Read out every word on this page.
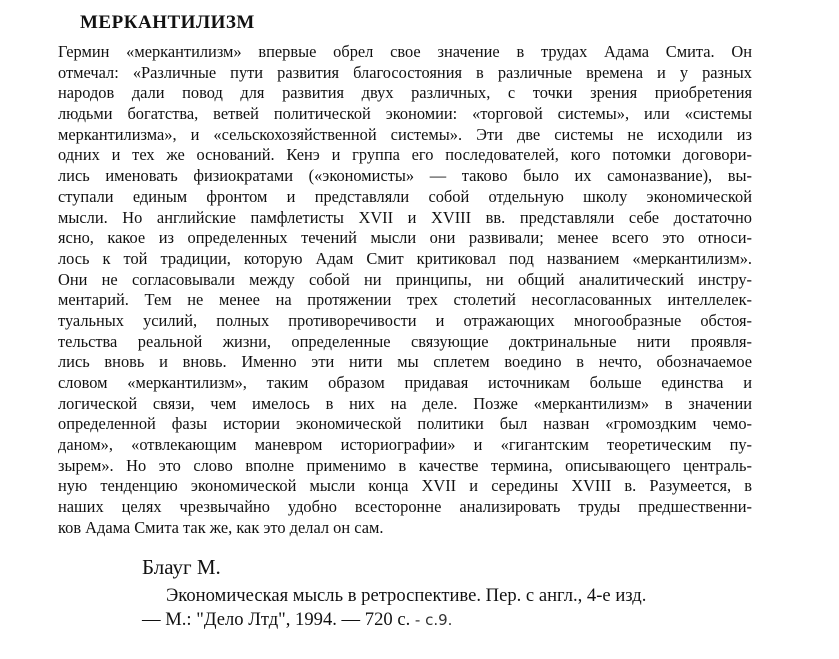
МЕРКАНТИЛИЗМ
Гермин «меркантилизм» впервые обрел свое значение в трудах Адама Смита. Он
отмечал: «Различные пути развития благосостояния в различные времена и у разных
народов дали повод для развития двух различных, с точки зрения приобретения
людьми богатства, ветвей политической экономии: «торговой системы», или «системы
меркантилизма», и «сельскохозяйственной системы». Эти две системы не исходили из
одних и тех же оснований. Кенэ и группа его последователей, кого потомки договори-
лись именовать физиократами («экономисты» — таково было их самоназвание), вы-
ступали единым фронтом и представляли собой отдельную школу экономической
мысли. Но английские памфлетисты XVII и XVIII вв. представляли себе достаточно
ясно, какое из определенных течений мысли они развивали; менее всего это относи-
лось к той традиции, которую Адам Смит критиковал под названием «меркантилизм».
Они не согласовывали между собой ни принципы, ни общий аналитический инстру-
ментарий. Тем не менее на протяжении трех столетий несогласованных интеллелек-
туальных усилий, полных противоречивости и отражающих многообразные обстоя-
тельства реальной жизни, определенные связующие доктринальные нити проявля-
лись вновь и вновь. Именно эти нити мы сплетем воедино в нечто, обозначаемое
словом «меркантилизм», таким образом придавая источникам больше единства и
логической связи, чем имелось в них на деле. Позже «меркантилизм» в значении
определенной фазы истории экономической политики был назван «громоздким чемо-
даном», «отвлекающим маневром историографии» и «гигантским теоретическим пу-
зырем». Но это слово вполне применимо в качестве термина, описывающего централь-
ную тенденцию экономической мысли конца XVII и середины XVIII в. Разумеется, в
наших целях чрезвычайно удобно всесторонне анализировать труды предшественни-
ков Адама Смита так же, как это делал он сам.
Блауг М.
Экономическая мысль в ретроспективе. Пер. с англ., 4-е изд.
— М.: "Дело Лтд", 1994. — 720 с. - с.9.
